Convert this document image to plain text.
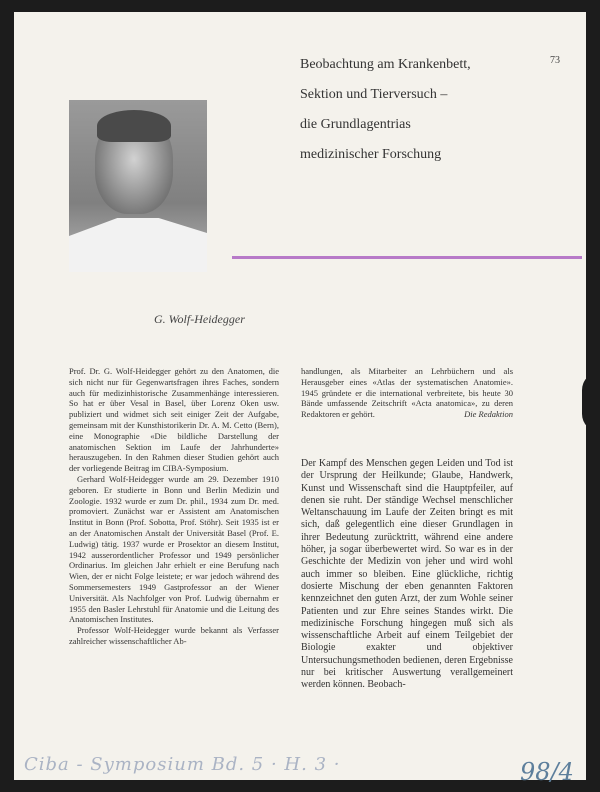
Beobachtung am Krankenbett,
Sektion und Tierversuch –
die Grundlagentrias
medizinischer Forschung
73
G. Wolf-Heidegger

Prof. Dr. G. Wolf-Heidegger gehört zu den Anatomen, die sich nicht nur für Gegenwartsfragen ihres Faches, sondern auch für medizinhistorische Zusammenhänge interessieren. So hat er über Vesal in Basel, über Lorenz Oken usw. publiziert und widmet sich seit einiger Zeit der Aufgabe, gemeinsam mit der Kunsthistorikerin Dr. A. M. Cetto (Bern), eine Monographie «Die bildliche Darstellung der anatomischen Sektion im Laufe der Jahrhunderte» herauszugeben. In den Rahmen dieser Studien gehört auch der vorliegende Beitrag im CIBA-Symposium.

Gerhard Wolf-Heidegger wurde am 29. Dezember 1910 geboren. Er studierte in Bonn und Berlin Medizin und Zoologie. 1932 wurde er zum Dr. phil., 1934 zum Dr. med. promoviert. Zunächst war er Assistent am Anatomischen Institut in Bonn (Prof. Sobotta, Prof. Stöhr). Seit 1935 ist er an der Anatomischen Anstalt der Universität Basel (Prof. E. Ludwig) tätig. 1937 wurde er Prosektor an diesem Institut, 1942 ausserordentlicher Professor und 1949 persönlicher Ordinarius. Im gleichen Jahr erhielt er eine Berufung nach Wien, der er nicht Folge leistete; er war jedoch während des Sommersemesters 1949 Gastprofessor an der Wiener Universität. Als Nachfolger von Prof. Ludwig übernahm er 1955 den Basler Lehrstuhl für Anatomie und die Leitung des Anatomischen Institutes.

Professor Wolf-Heidegger wurde bekannt als Verfasser zahlreicher wissenschaftlicher Ab-

handlungen, als Mitarbeiter an Lehrbüchern und als Herausgeber eines «Atlas der systematischen Anatomie». 1945 gründete er die international verbreitete, bis heute 30 Bände umfassende Zeitschrift «Acta anatomica», zu deren Redaktoren er gehört.	Die Redaktion

Der Kampf des Menschen gegen Leiden und Tod ist der Ursprung der Heilkunde; Glaube, Handwerk, Kunst und Wissenschaft sind die Hauptpfeiler, auf denen sie ruht. Der ständige Wechsel menschlicher Weltanschauung im Laufe der Zeiten bringt es mit sich, daß gelegentlich eine dieser Grundlagen in ihrer Bedeutung zurücktritt, während eine andere höher, ja sogar überbewertet wird. So war es in der Geschichte der Medizin von jeher und wird wohl auch immer so bleiben. Eine glückliche, richtig dosierte Mischung der eben genannten Faktoren kennzeichnet den guten Arzt, der zum Wohle seiner Patienten und zur Ehre seines Standes wirkt. Die medizinische Forschung hingegen muß sich als wissenschaftliche Arbeit auf einem Teilgebiet der Biologie exakter und objektiver Untersuchungsmethoden bedienen, deren Ergebnisse nur bei kritischer Auswertung verallgemeinert werden können. Beobach-

Ciba - Symposium Bd. 5 · H. 3 ·	98/4
